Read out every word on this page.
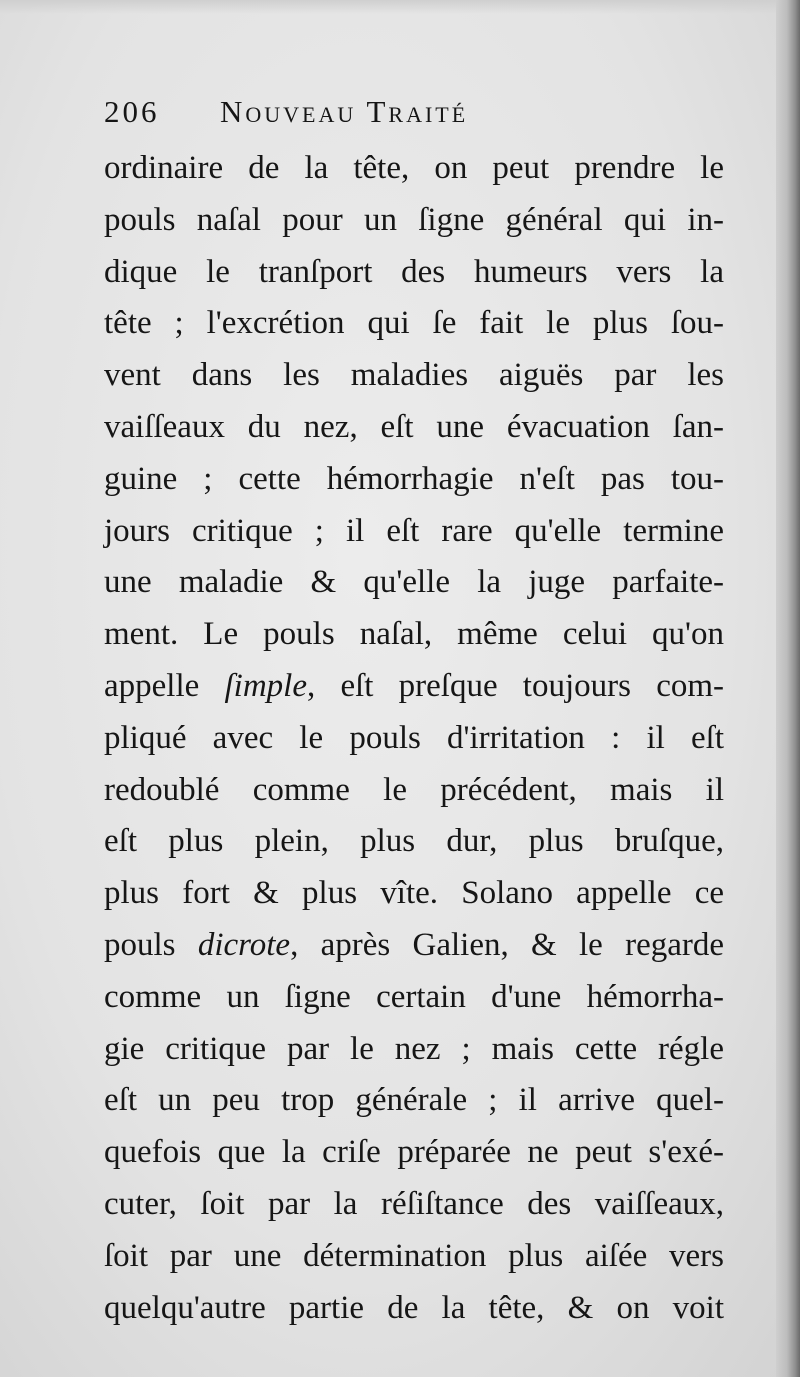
206 Nouveau Traité
ordinaire de la tête, on peut prendre le
pouls naſal pour un ſigne général qui in-
dique le tranſport des humeurs vers la
tête ; l'excrétion qui ſe fait le plus ſou-
vent dans les maladies aiguës par les
vaiſſeaux du nez, eſt une évacuation ſan-
guine ; cette hémorrhagie n'eſt pas tou-
jours critique ; il eſt rare qu'elle termine
une maladie & qu'elle la juge parfaite-
ment. Le pouls naſal, même celui qu'on
appelle ſimple, eſt preſque toujours com-
pliqué avec le pouls d'irritation : il eſt
redoublé comme le précédent, mais il
eſt plus plein, plus dur, plus bruſque,
plus fort & plus vîte. Solano appelle ce
pouls dicrote, après Galien, & le regarde
comme un ſigne certain d'une hémorrha-
gie critique par le nez ; mais cette régle
eſt un peu trop générale ; il arrive quel-
quefois que la criſe préparée ne peut s'exé-
cuter, ſoit par la réſiſtance des vaiſſeaux,
ſoit par une détermination plus aiſée vers
quelqu'autre partie de la tête, & on voit
